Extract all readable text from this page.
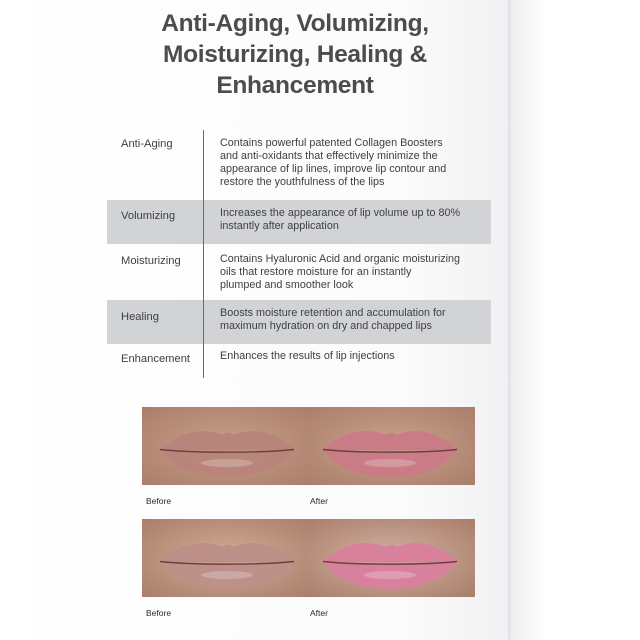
Anti-Aging, Volumizing,
Moisturizing, Healing &
Enhancement
Anti-Aging	Contains powerful patented Collagen Boosters
and anti-oxidants that effectively minimize the
appearance of lip lines, improve lip contour and
restore the youthfulness of the lips
Volumizing	Increases the appearance of lip volume up to 80%
instantly after application
Moisturizing	Contains Hyaluronic Acid and organic moisturizing
oils that restore moisture for an instantly
plumped and smoother look
Healing	Boosts moisture retention and accumulation for
maximum hydration on dry and chapped lips
Enhancement	Enhances the results of lip injections
Before	After
Before	After
